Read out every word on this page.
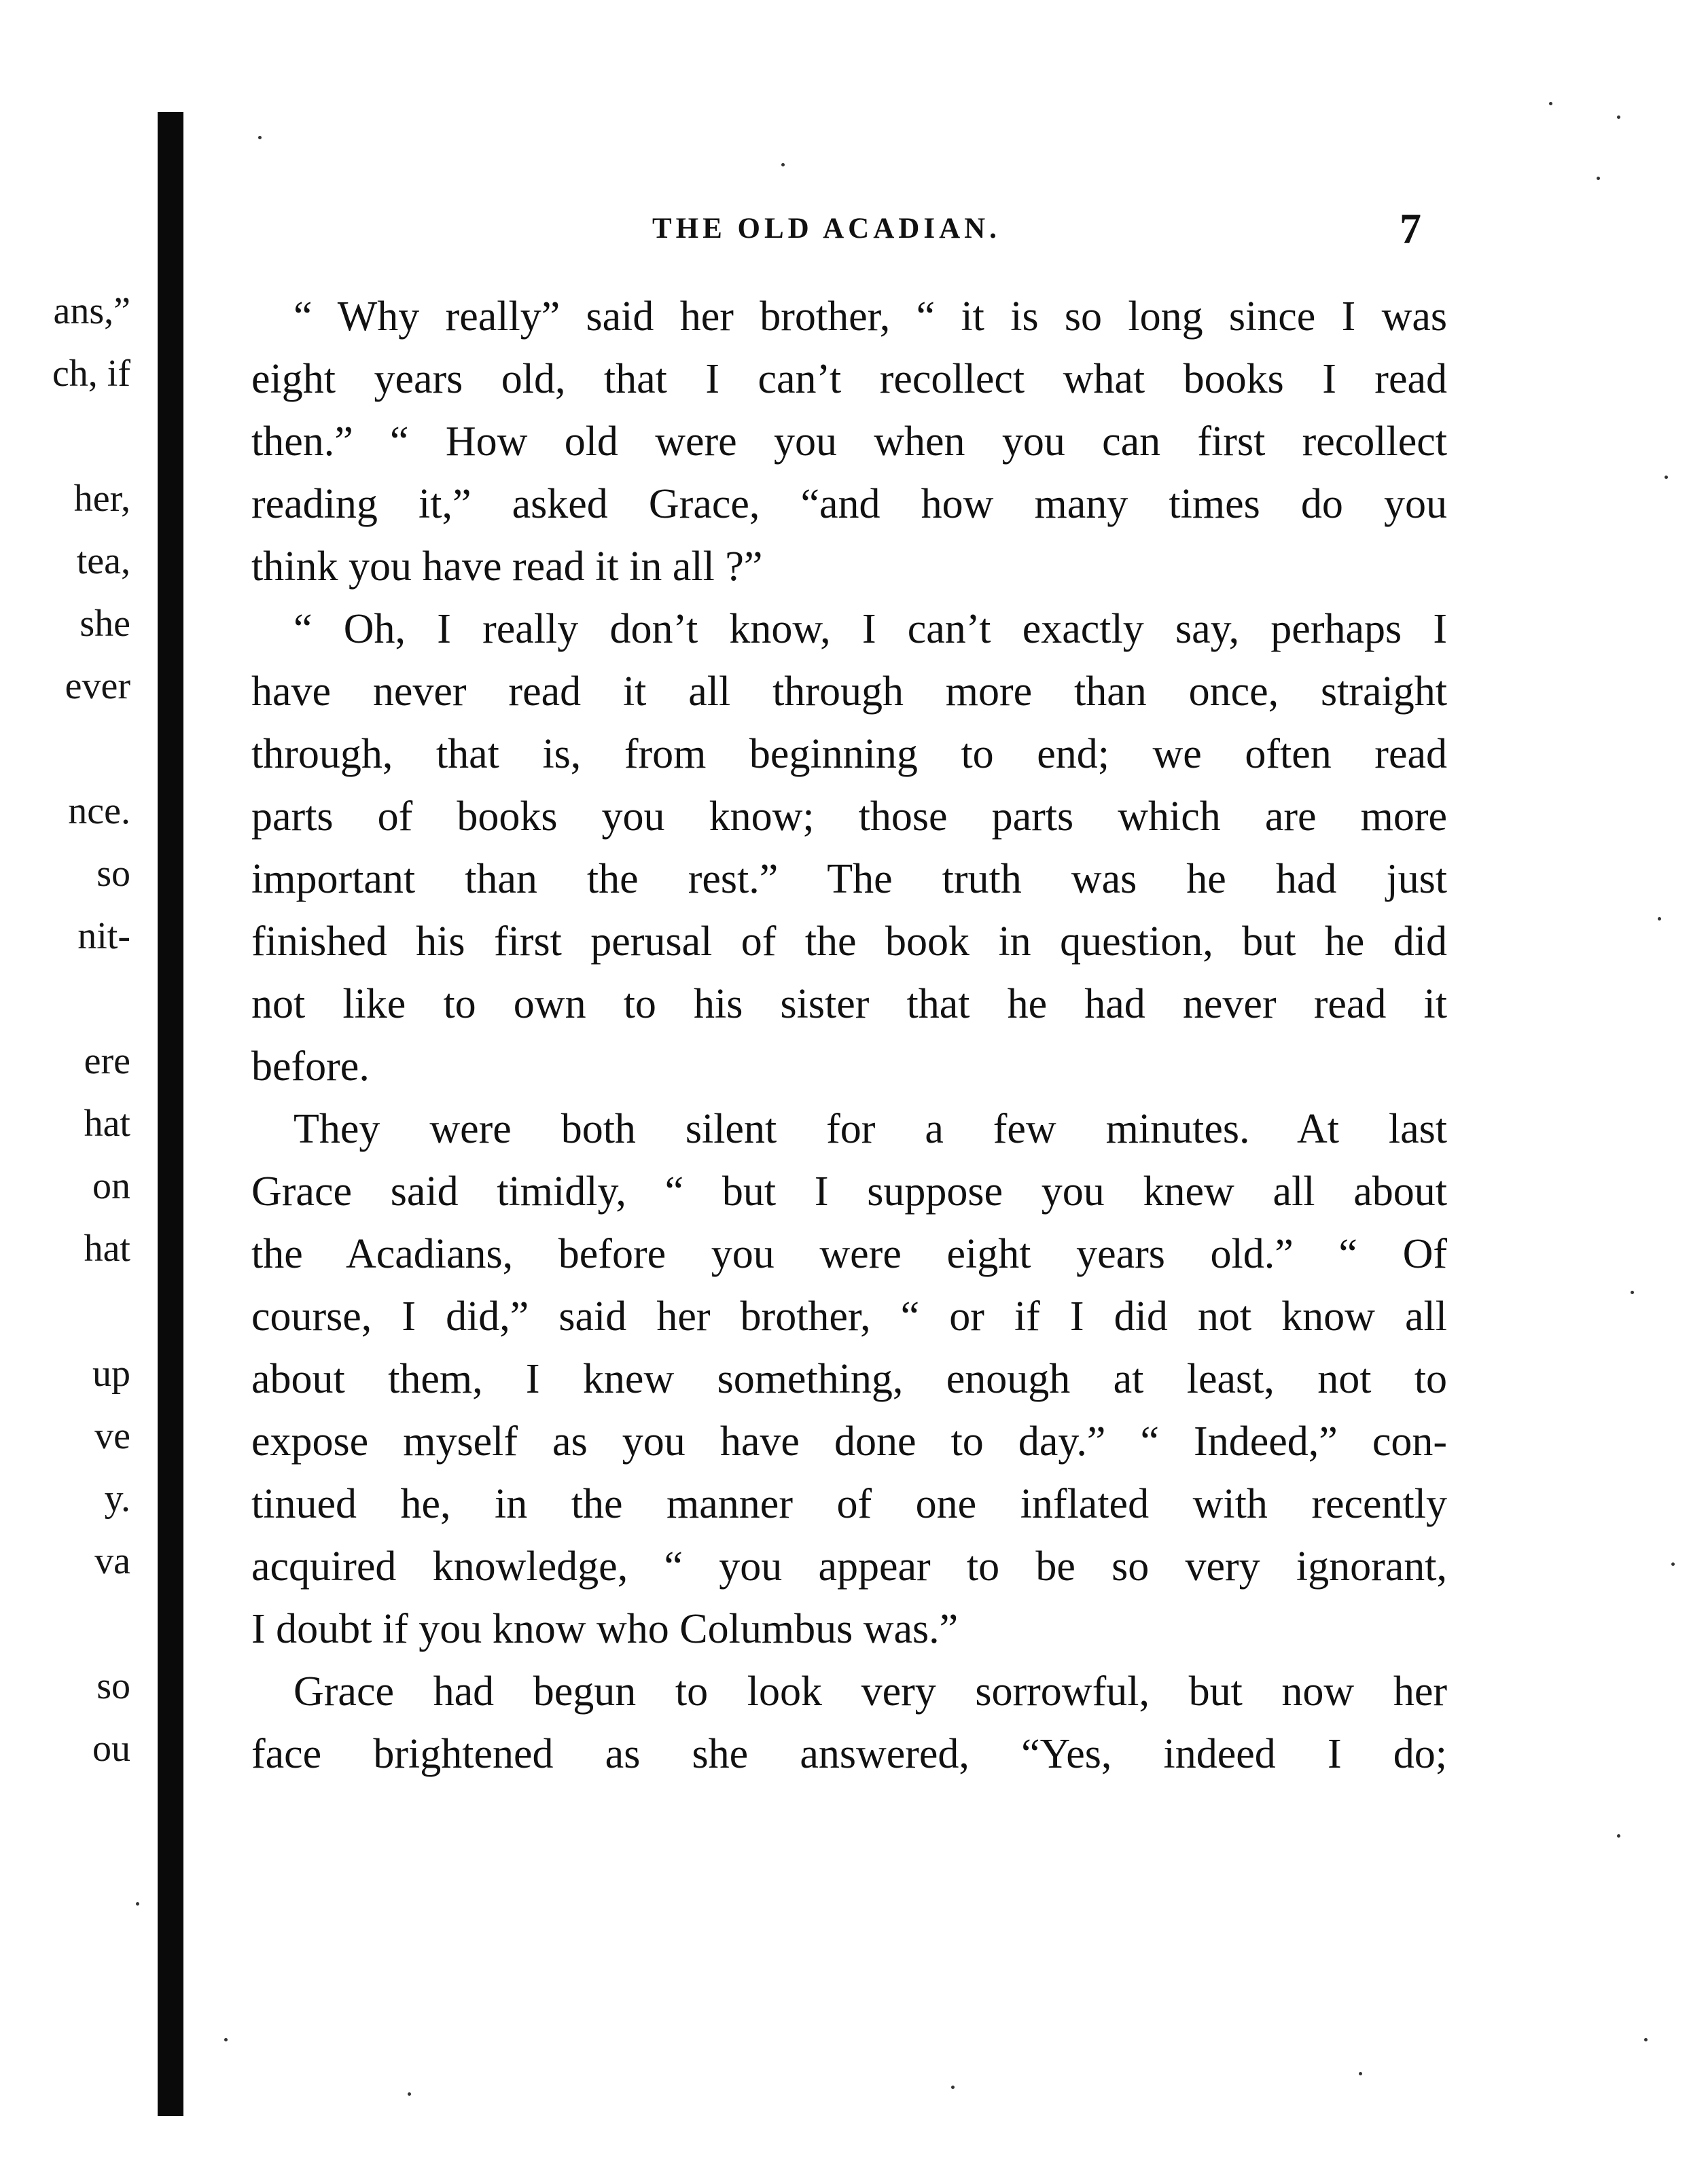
ans,”
ch, if
her,
tea,
she
ever
nce.
so
nit-
ere
hat
on
hat
up
ve
y.
va
so
ou
THE OLD ACADIAN.	7
“ Why really” said her brother, “ it is so long since I was
eight years old, that I can’t recollect what books I read
then.” “ How old were you when you can first recollect
reading it,” asked Grace, “and how many times do you
think you have read it in all ?”
“ Oh, I really don’t know, I can’t exactly say, perhaps I
have never read it all through more than once, straight
through, that is, from beginning to end; we often read
parts of books you know; those parts which are more
important than the rest.” The truth was he had just
finished his first perusal of the book in question, but he did
not like to own to his sister that he had never read it
before.
They were both silent for a few minutes. At last
Grace said timidly, “ but I suppose you knew all about
the Acadians, before you were eight years old.” “ Of
course, I did,” said her brother, “ or if I did not know all
about them, I knew something, enough at least, not to
expose myself as you have done to day.” “ Indeed,” con-
tinued he, in the manner of one inflated with recently
acquired knowledge, “ you appear to be so very ignorant,
I doubt if you know who Columbus was.”
Grace had begun to look very sorrowful, but now her
face brightened as she answered, “Yes, indeed I do;
